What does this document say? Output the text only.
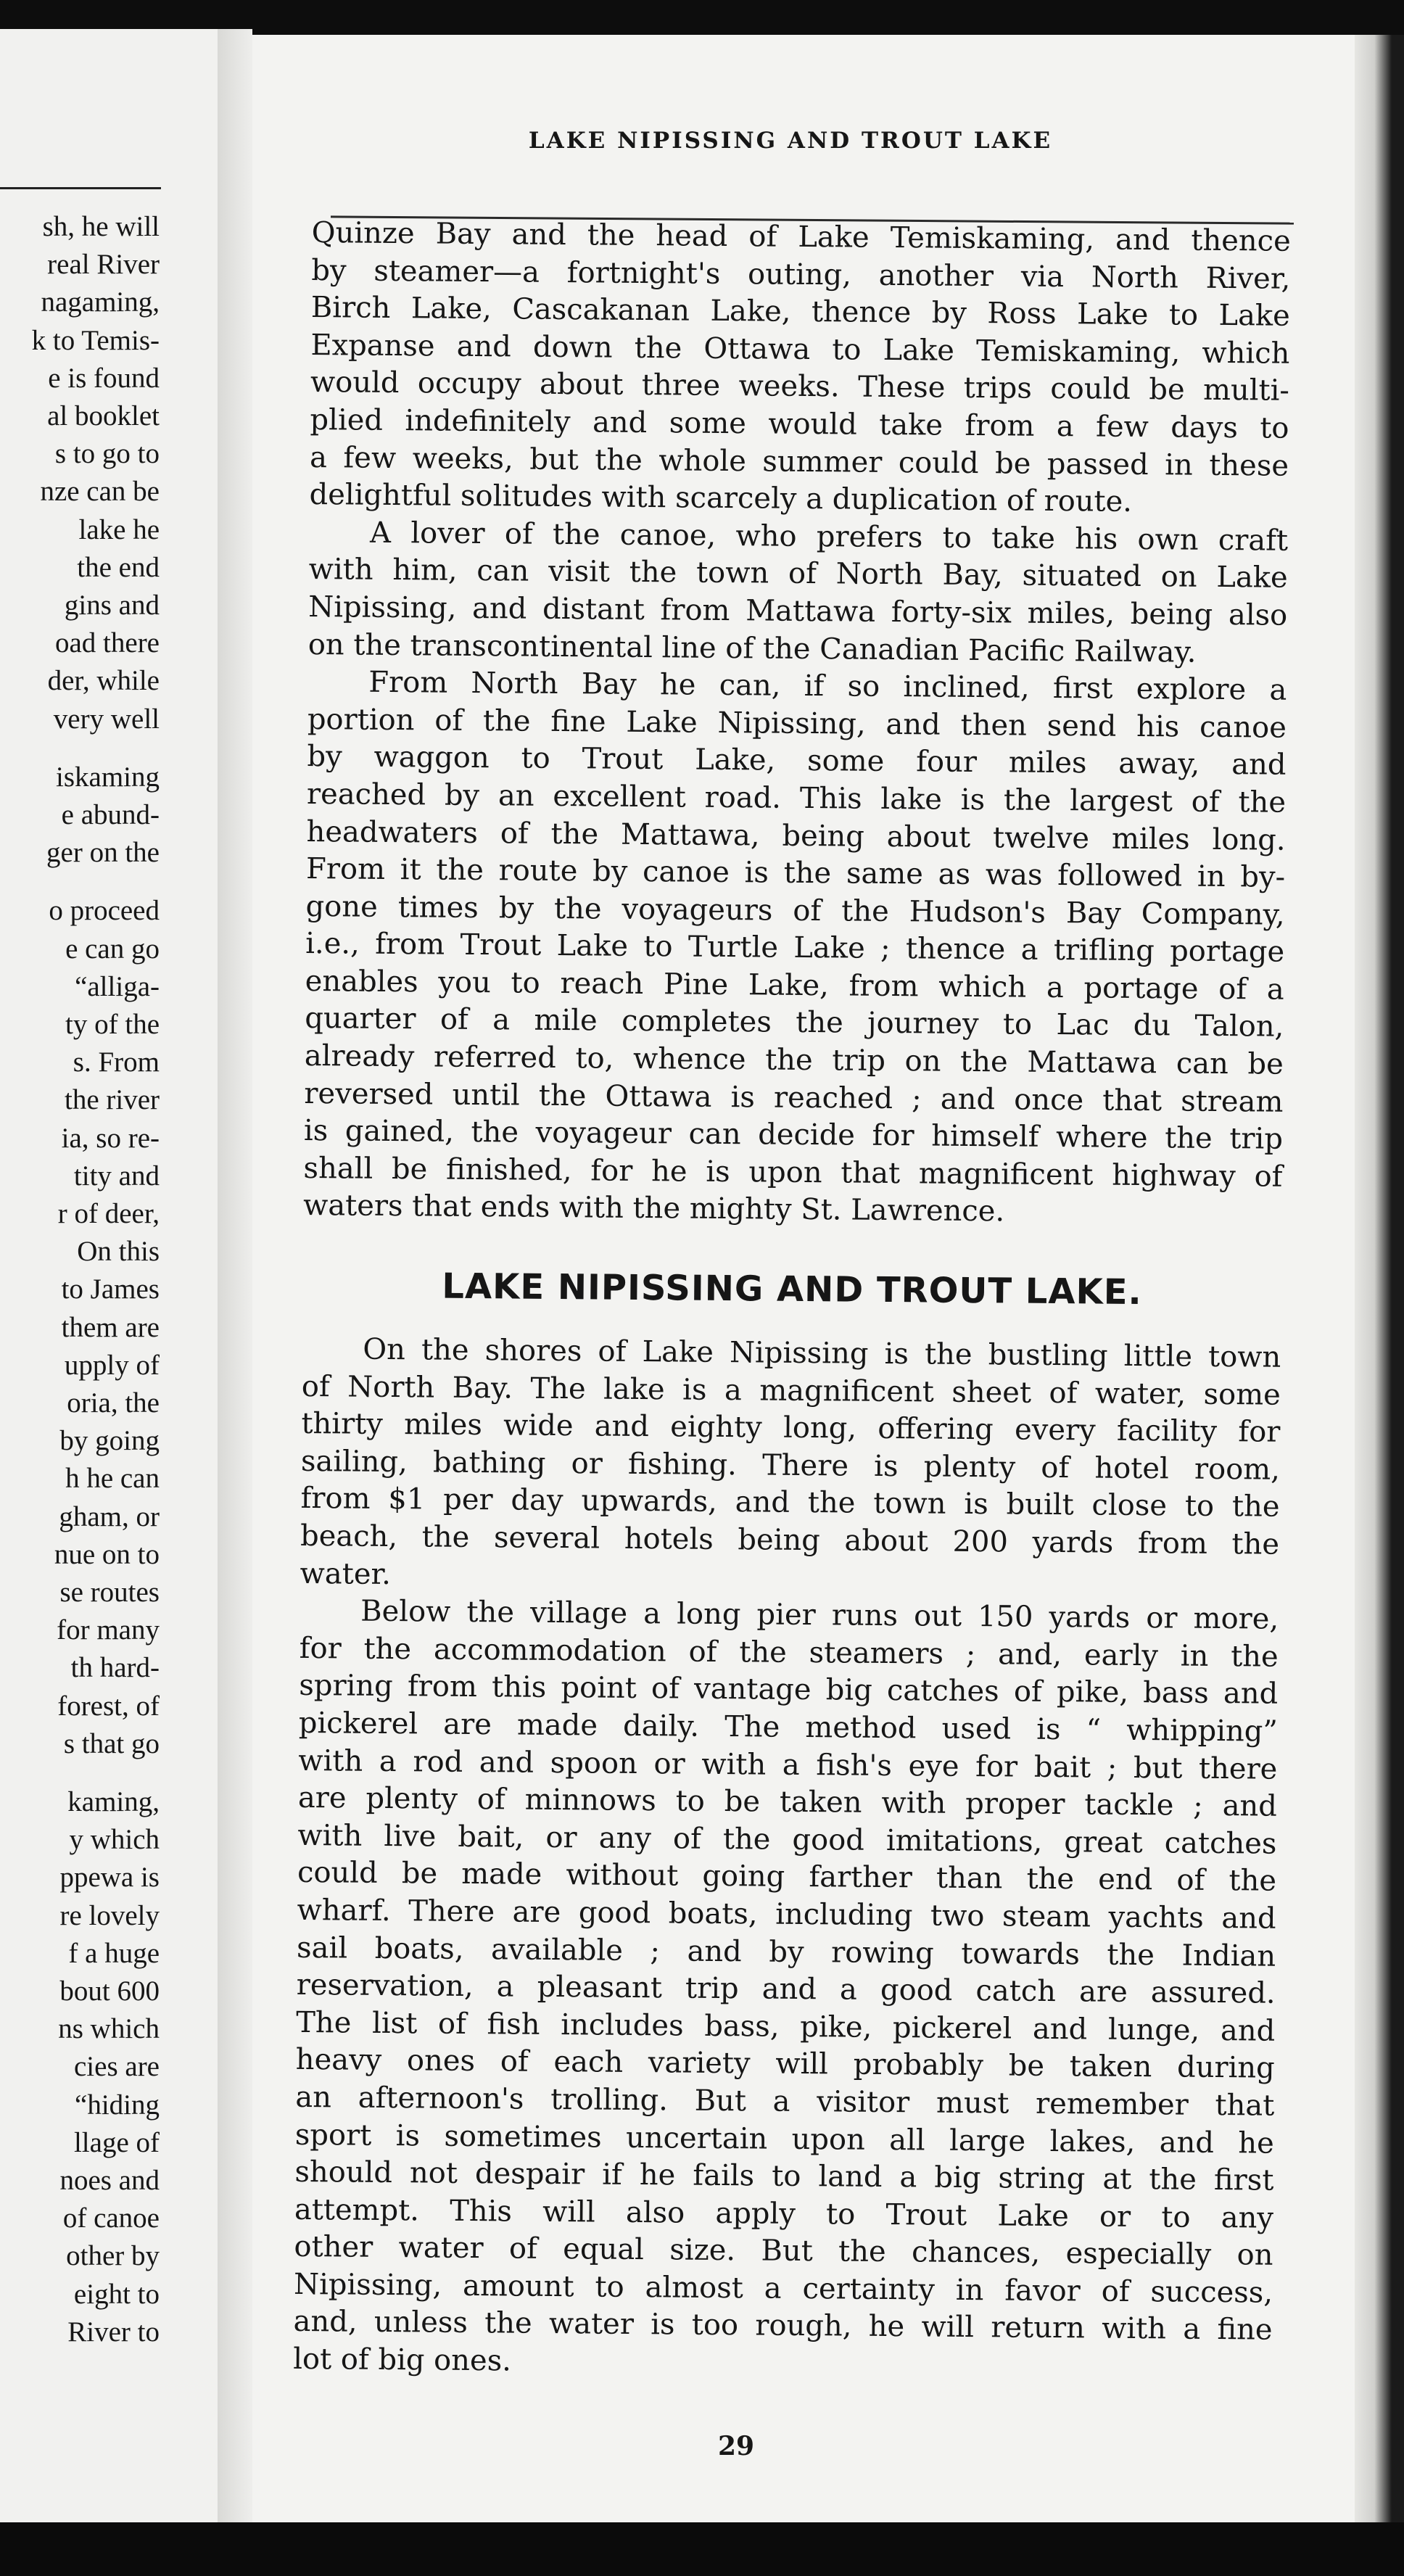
sh, he will
real River
nagaming,
k to Temis-
e is found
al booklet
s to go to
nze can be
lake he
the end
gins and
oad there
der, while
very well
iskaming
e abund-
ger on the
o proceed
e can go
“alliga-
ty of the
s. From
the river
ia, so re-
tity and
r of deer,
On this
to James
them are
upply of
oria, the
by going
h he can
gham, or
nue on to
se routes
for many
th hard-
forest, of
s that go
kaming,
y which
ppewa is
re lovely
f a huge
bout 600
ns which
cies are
“hiding
llage of
noes and
of canoe
other by
eight to
River to
LAKE NIPISSING AND TROUT LAKE
Quinze Bay and the head of Lake Temiskaming, and thence
by steamer—a fortnight's outing, another via North River,
Birch Lake, Cascakanan Lake, thence by Ross Lake to Lake
Expanse and down the Ottawa to Lake Temiskaming, which
would occupy about three weeks. These trips could be multi-
plied indefinitely and some would take from a few days to
a few weeks, but the whole summer could be passed in these
delightful solitudes with scarcely a duplication of route.
A lover of the canoe, who prefers to take his own craft
with him, can visit the town of North Bay, situated on Lake
Nipissing, and distant from Mattawa forty-six miles, being also
on the transcontinental line of the Canadian Pacific Railway.
From North Bay he can, if so inclined, first explore a
portion of the fine Lake Nipissing, and then send his canoe
by waggon to Trout Lake, some four miles away, and
reached by an excellent road. This lake is the largest of the
headwaters of the Mattawa, being about twelve miles long.
From it the route by canoe is the same as was followed in by-
gone times by the voyageurs of the Hudson's Bay Company,
i.e., from Trout Lake to Turtle Lake ; thence a trifling portage
enables you to reach Pine Lake, from which a portage of a
quarter of a mile completes the journey to Lac du Talon,
already referred to, whence the trip on the Mattawa can be
reversed until the Ottawa is reached ; and once that stream
is gained, the voyageur can decide for himself where the trip
shall be finished, for he is upon that magnificent highway of
waters that ends with the mighty St. Lawrence.
LAKE NIPISSING AND TROUT LAKE.
On the shores of Lake Nipissing is the bustling little town
of North Bay. The lake is a magnificent sheet of water, some
thirty miles wide and eighty long, offering every facility for
sailing, bathing or fishing. There is plenty of hotel room,
from $1 per day upwards, and the town is built close to the
beach, the several hotels being about 200 yards from the
water.
Below the village a long pier runs out 150 yards or more,
for the accommodation of the steamers ; and, early in the
spring from this point of vantage big catches of pike, bass and
pickerel are made daily. The method used is “ whipping”
with a rod and spoon or with a fish's eye for bait ; but there
are plenty of minnows to be taken with proper tackle ; and
with live bait, or any of the good imitations, great catches
could be made without going farther than the end of the
wharf. There are good boats, including two steam yachts and
sail boats, available ; and by rowing towards the Indian
reservation, a pleasant trip and a good catch are assured.
The list of fish includes bass, pike, pickerel and lunge, and
heavy ones of each variety will probably be taken during
an afternoon's trolling. But a visitor must remember that
sport is sometimes uncertain upon all large lakes, and he
should not despair if he fails to land a big string at the first
attempt. This will also apply to Trout Lake or to any
other water of equal size. But the chances, especially on
Nipissing, amount to almost a certainty in favor of success,
and, unless the water is too rough, he will return with a fine
lot of big ones.
29
